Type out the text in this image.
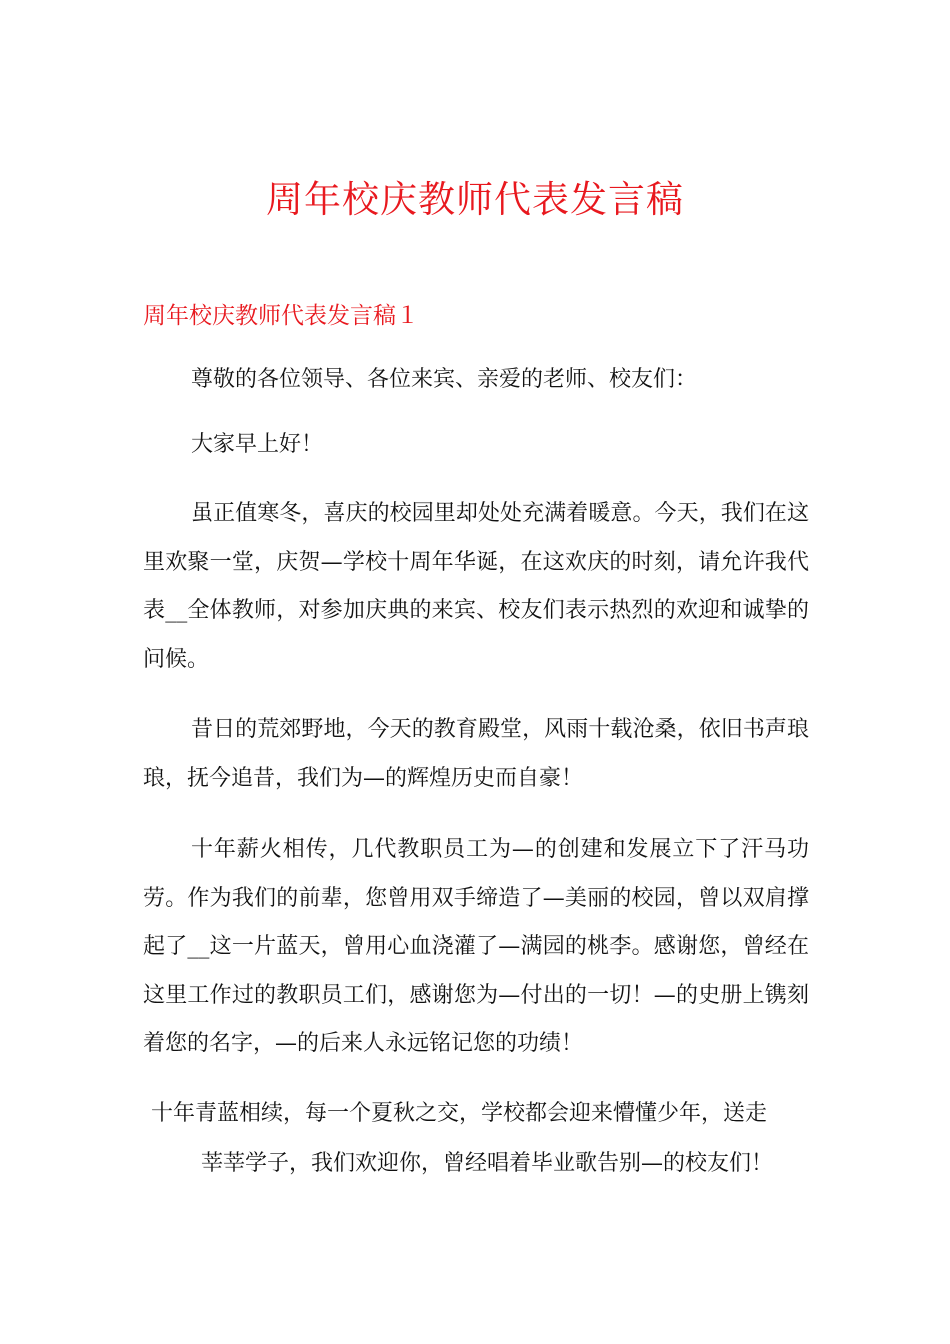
周年校庆教师代表发言稿
周年校庆教师代表发言稿１

尊敬的各位领导、各位来宾、亲爱的老师、校友们：

大家早上好！

虽正值寒冬，喜庆的校园里却处处充满着暖意。今天，我们在这里欢聚一堂，庆贺—学校十周年华诞，在这欢庆的时刻，请允许我代表__全体教师，对参加庆典的来宾、校友们表示热烈的欢迎和诚挚的问候。

昔日的荒郊野地，今天的教育殿堂，风雨十载沧桑，依旧书声琅琅，抚今追昔，我们为—的辉煌历史而自豪！

十年薪火相传，几代教职员工为—的创建和发展立下了汗马功劳。作为我们的前辈，您曾用双手缔造了—美丽的校园，曾以双肩撑起了__这一片蓝天，曾用心血浇灌了—满园的桃李。感谢您，曾经在这里工作过的教职员工们，感谢您为—付出的一切！—的史册上镌刻着您的名字，—的后来人永远铭记您的功绩！

十年青蓝相续，每一个夏秋之交，学校都会迎来懵懂少年，送走
莘莘学子，我们欢迎你，曾经唱着毕业歌告别—的校友们！
